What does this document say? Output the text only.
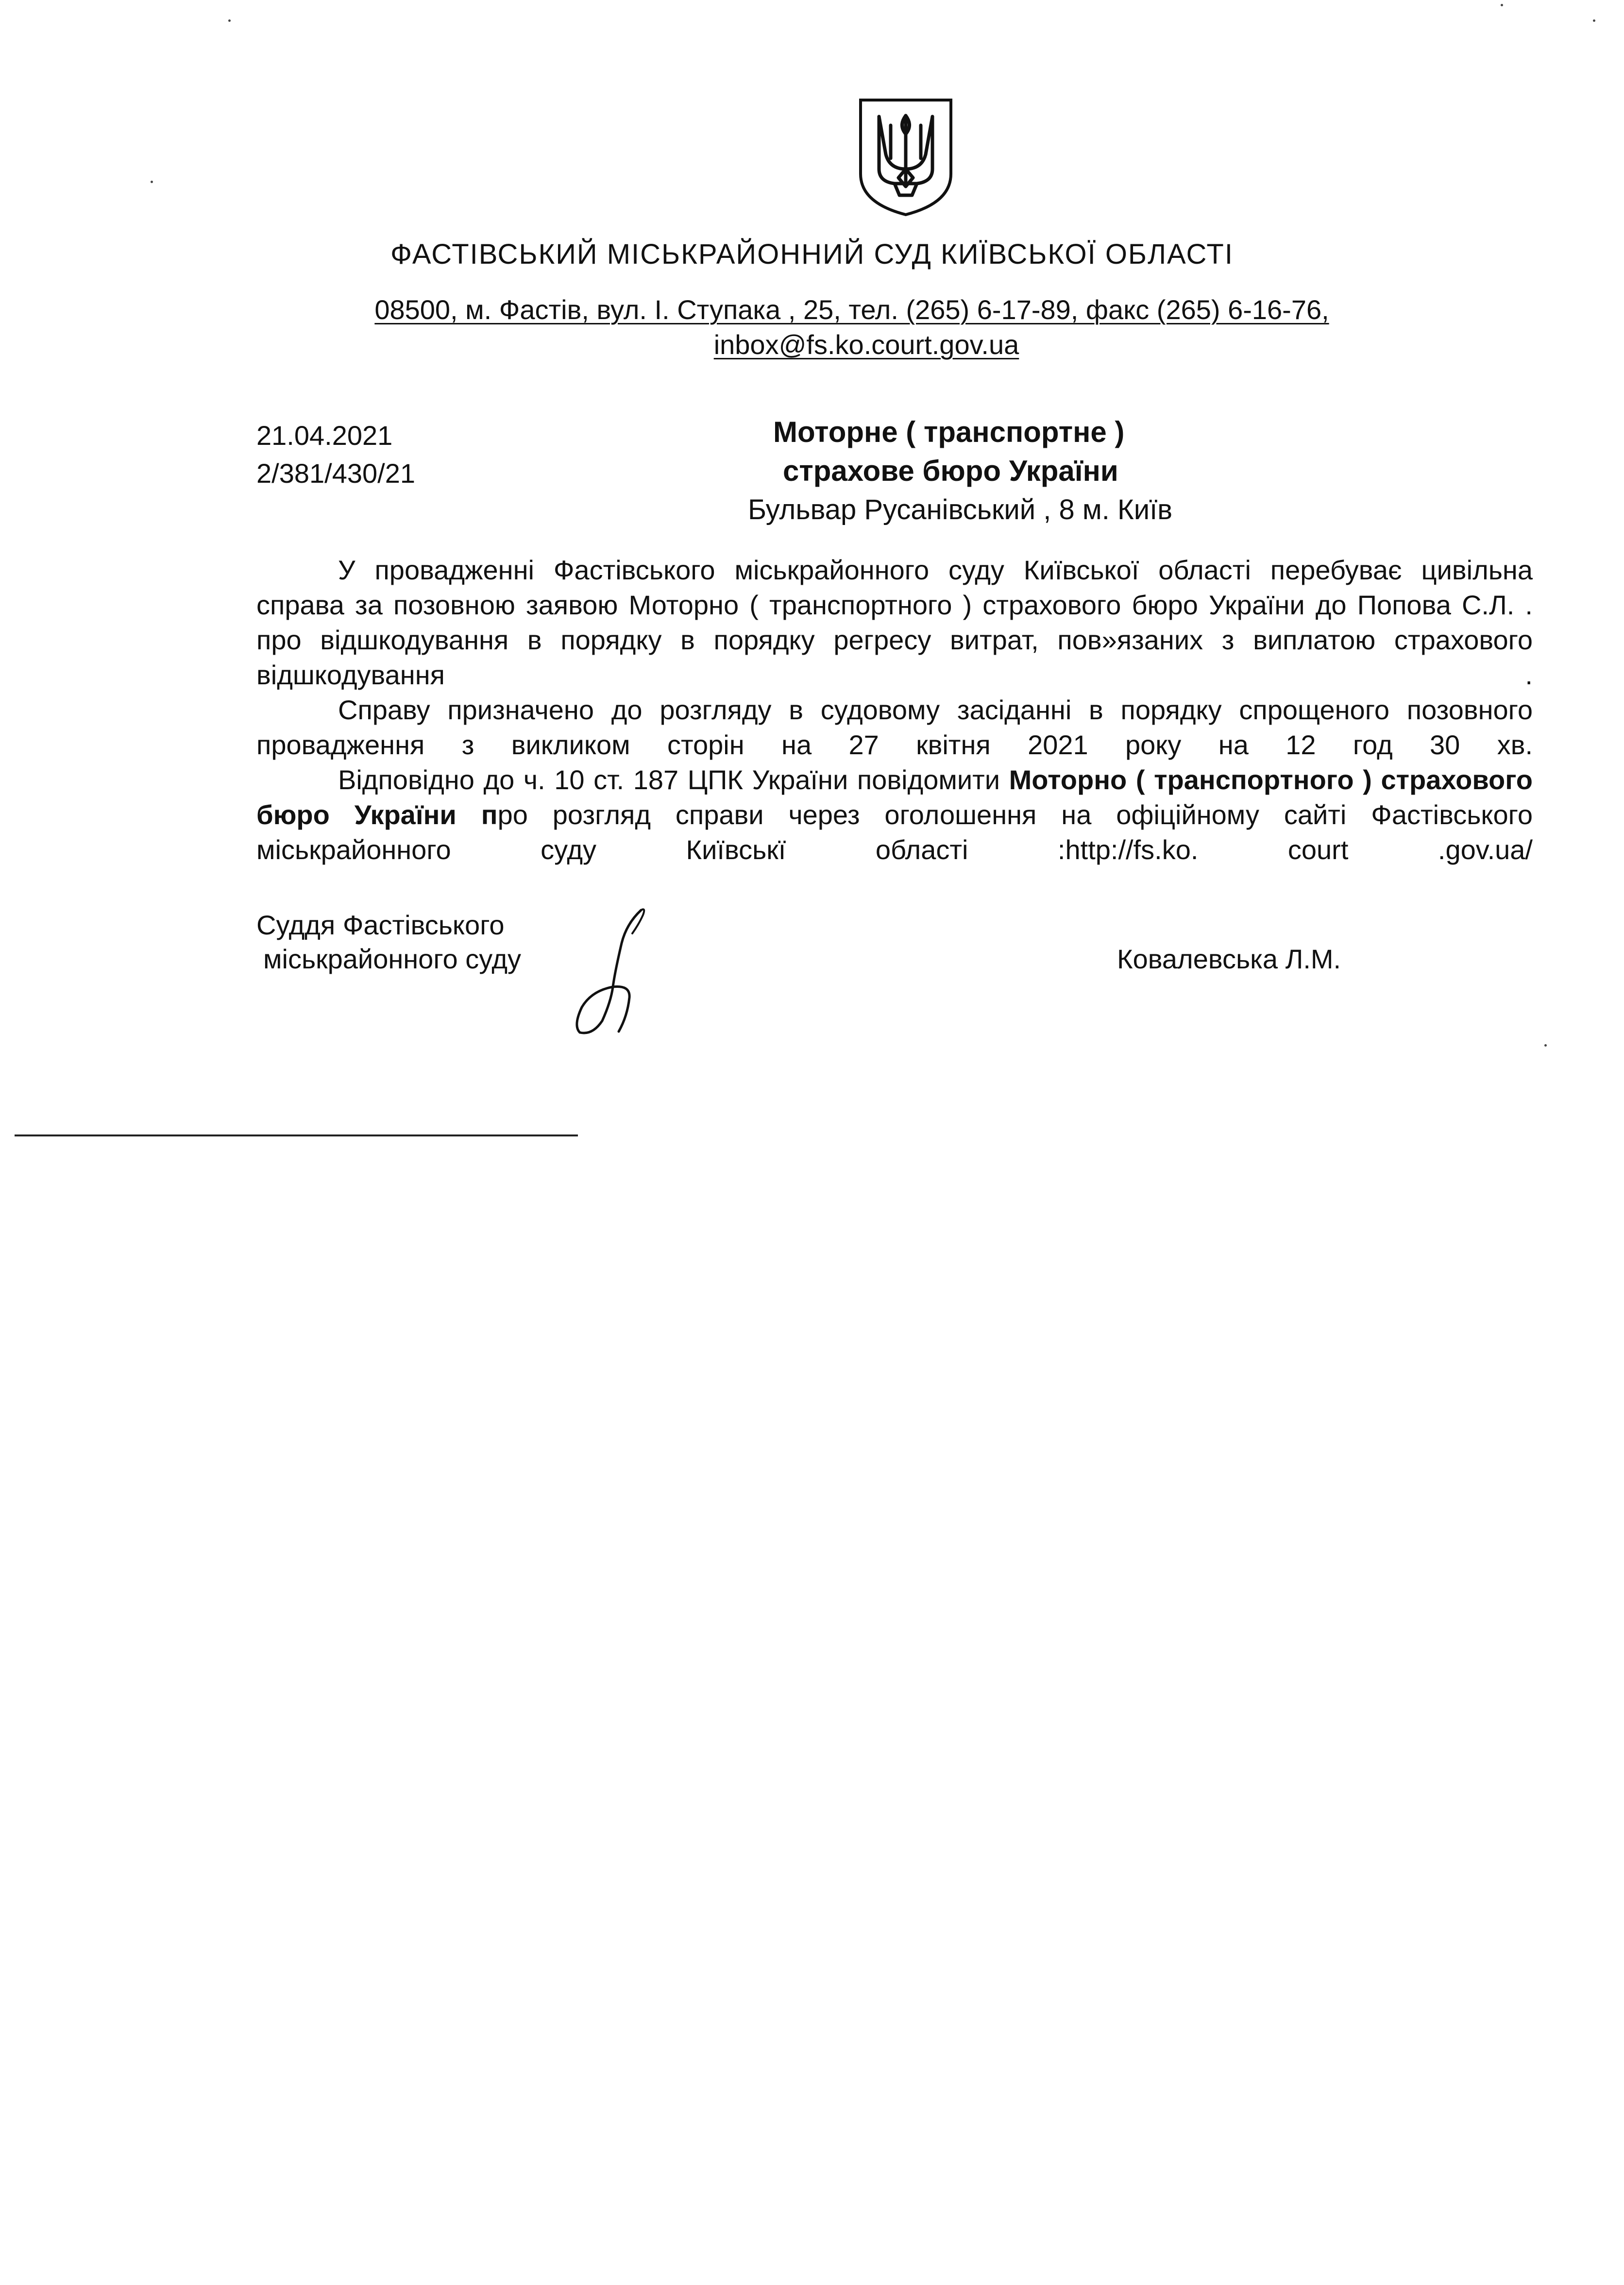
ФАСТІВСЬКИЙ МІСЬКРАЙОННИЙ СУД КИЇВСЬКОЇ ОБЛАСТІ
08500, м. Фастів, вул. І. Ступака , 25, тел. (265) 6-17-89, факс (265) 6-16-76,
inbox@fs.ko.court.gov.ua
21.04.2021
2/381/430/21
Моторне ( транспортне )
страхове бюро України
Бульвар Русанівський , 8 м. Київ

У провадженні Фастівського міськрайонного суду Київської області перебуває цивільна справа за позовною заявою Моторно ( транспортного ) страхового бюро України до Попова С.Л. . про відшкодування в порядку в порядку регресу витрат, пов»язаних з виплатою страхового відшкодування .

Справу призначено до розгляду в судовому засіданні в порядку спрощеного позовного провадження з викликом сторін на 27 квітня 2021 року на 12 год 30 хв.

Відповідно до ч. 10 ст. 187 ЦПК України повідомити Моторно ( транспортного ) страхового бюро України про розгляд справи через оголошення на офіційному сайті Фастівського міськрайонного суду Київськї області :http://fs.ko. court .gov.ua/

Суддя Фастівського
міськрайонного суду	Ковалевська Л.М.
